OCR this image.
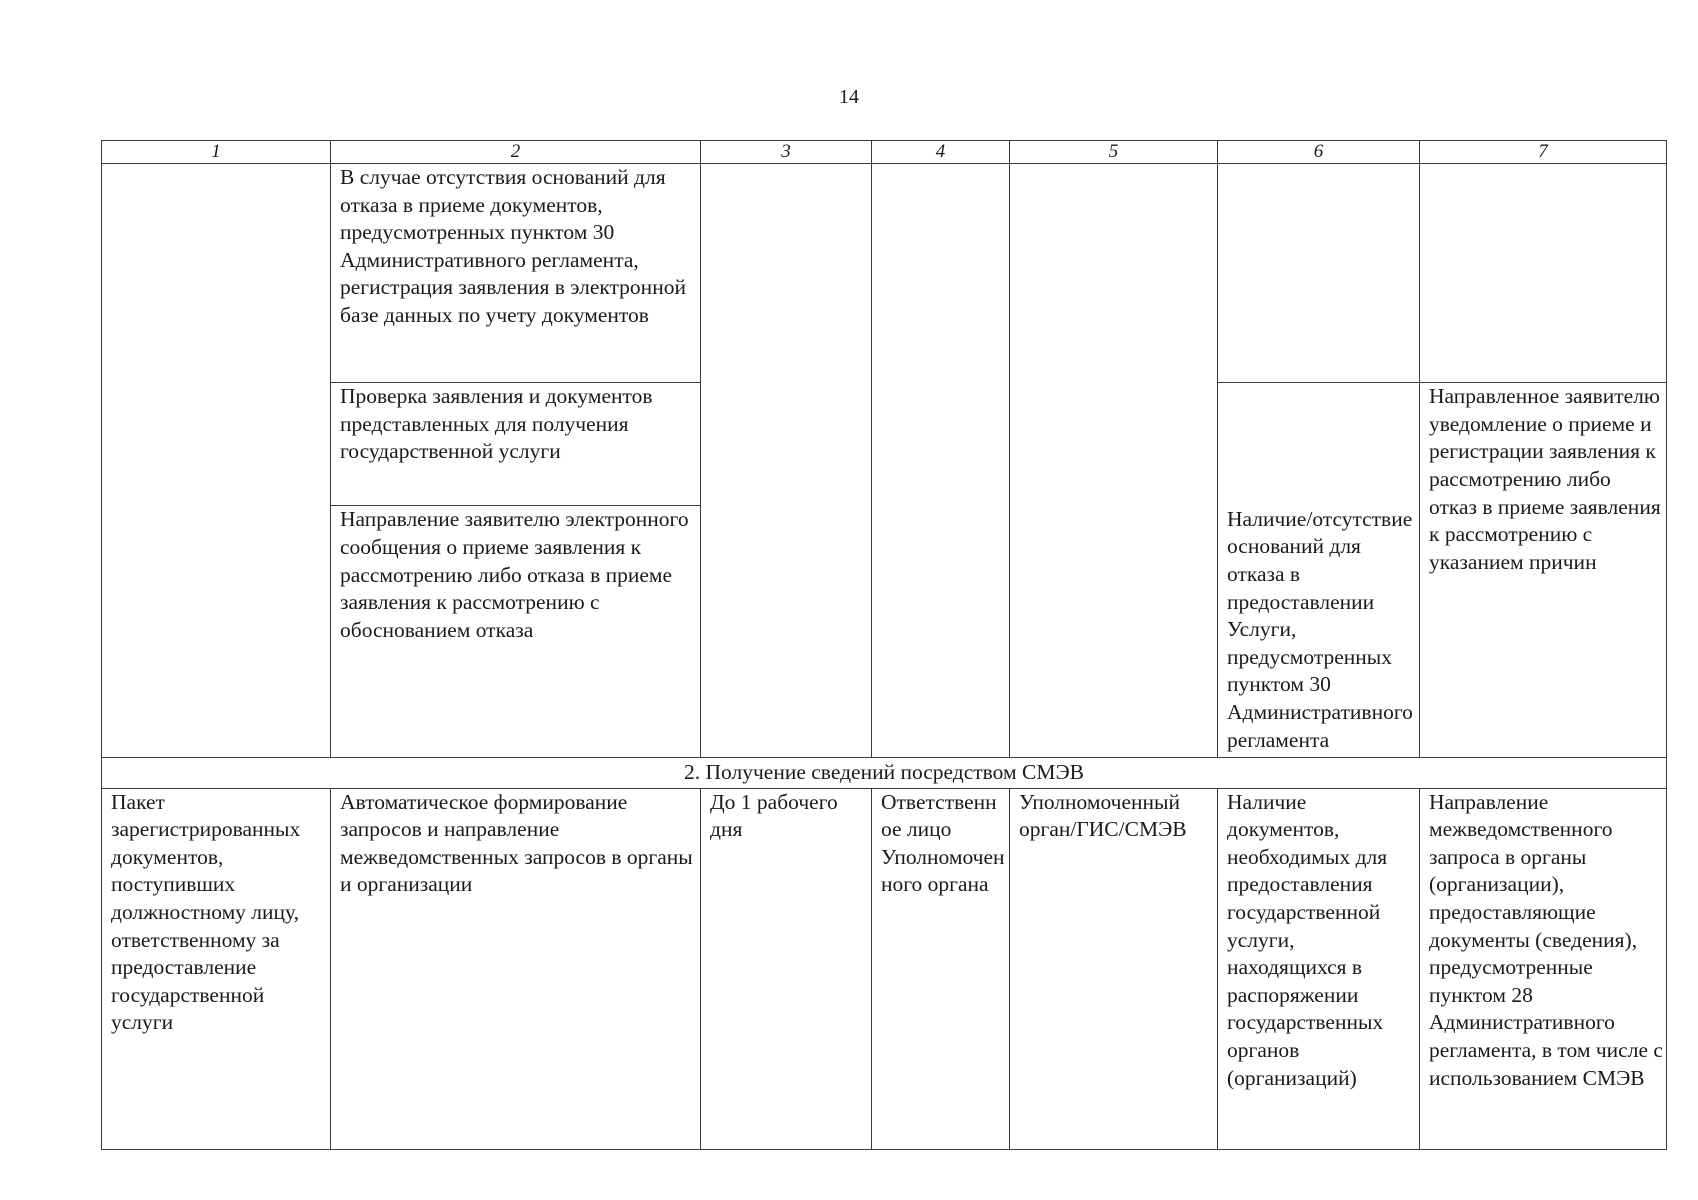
14
1	2	3	4	5	6	7
	В случае отсутствия оснований для отказа в приеме документов, предусмотренных пунктом 30 Административного регламента, регистрация заявления в электронной базе данных по учету документов					
	Проверка заявления и документов представленных для получения государственной услуги					Направленное заявителю уведомление о приеме и регистрации заявления к рассмотрению либо отказ в приеме заявления к рассмотрению с указанием причин
	Направление заявителю электронного сообщения о приеме заявления к рассмотрению либо отказа в приеме заявления к рассмотрению с обоснованием отказа				Наличие/отсутствие оснований для отказа в предоставлении Услуги, предусмотренных пунктом 30 Административного регламента	
2. Получение сведений посредством СМЭВ						
Пакет зарегистрированных документов, поступивших должностному лицу, ответственному за предоставление государственной услуги	Автоматическое формирование запросов и направление межведомственных запросов в органы и организации	До 1 рабочего дня	Ответственное лицо Уполномоченного органа	Уполномоченный орган/ГИС/СМЭВ	Наличие документов, необходимых для предоставления государственной услуги, находящихся в распоряжении государственных органов (организаций)	Направление межведомственного запроса в органы (организации), предоставляющие документы (сведения), предусмотренные пунктом 28 Административного регламента, в том числе с использованием СМЭВ
